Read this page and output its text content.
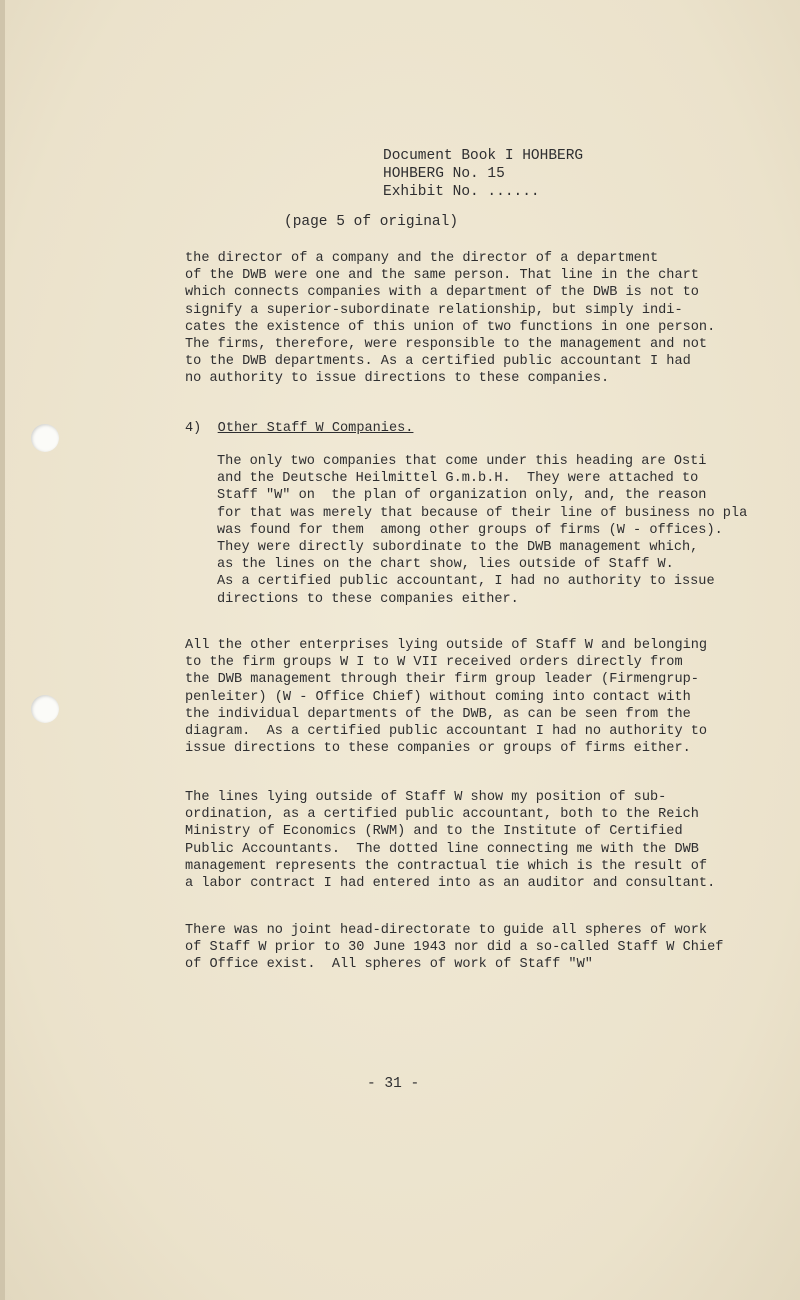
Document Book I HOHBERG
HOHBERG No. 15
Exhibit No. ......
(page 5 of original)
the director of a company and the director of a department
of the DWB were one and the same person. That line in the chart
which connects companies with a department of the DWB is not to
signify a superior-subordinate relationship, but simply indi-
cates the existence of this union of two functions in one person.
The firms, therefore, were responsible to the management and not
to the DWB departments. As a certified public accountant I had
no authority to issue directions to these companies.
4) Other Staff W Companies.
The only two companies that come under this heading are Osti
and the Deutsche Heilmittel G.m.b.H.  They were attached to
Staff "W" on  the plan of organization only, and, the reason
for that was merely that because of their line of business no pla
was found for them  among other groups of firms (W - offices).
They were directly subordinate to the DWB management which,
as the lines on the chart show, lies outside of Staff W.
As a certified public accountant, I had no authority to issue
directions to these companies either.
All the other enterprises lying outside of Staff W and belonging
to the firm groups W I to W VII received orders directly from
the DWB management through their firm group leader (Firmengrup-
penleiter) (W - Office Chief) without coming into contact with
the individual departments of the DWB, as can be seen from the
diagram.  As a certified public accountant I had no authority to
issue directions to these companies or groups of firms either.
The lines lying outside of Staff W show my position of sub-
ordination, as a certified public accountant, both to the Reich
Ministry of Economics (RWM) and to the Institute of Certified
Public Accountants.  The dotted line connecting me with the DWB
management represents the contractual tie which is the result of
a labor contract I had entered into as an auditor and consultant.
There was no joint head-directorate to guide all spheres of work
of Staff W prior to 30 June 1943 nor did a so-called Staff W Chief
of Office exist.  All spheres of work of Staff "W"
- 31 -
